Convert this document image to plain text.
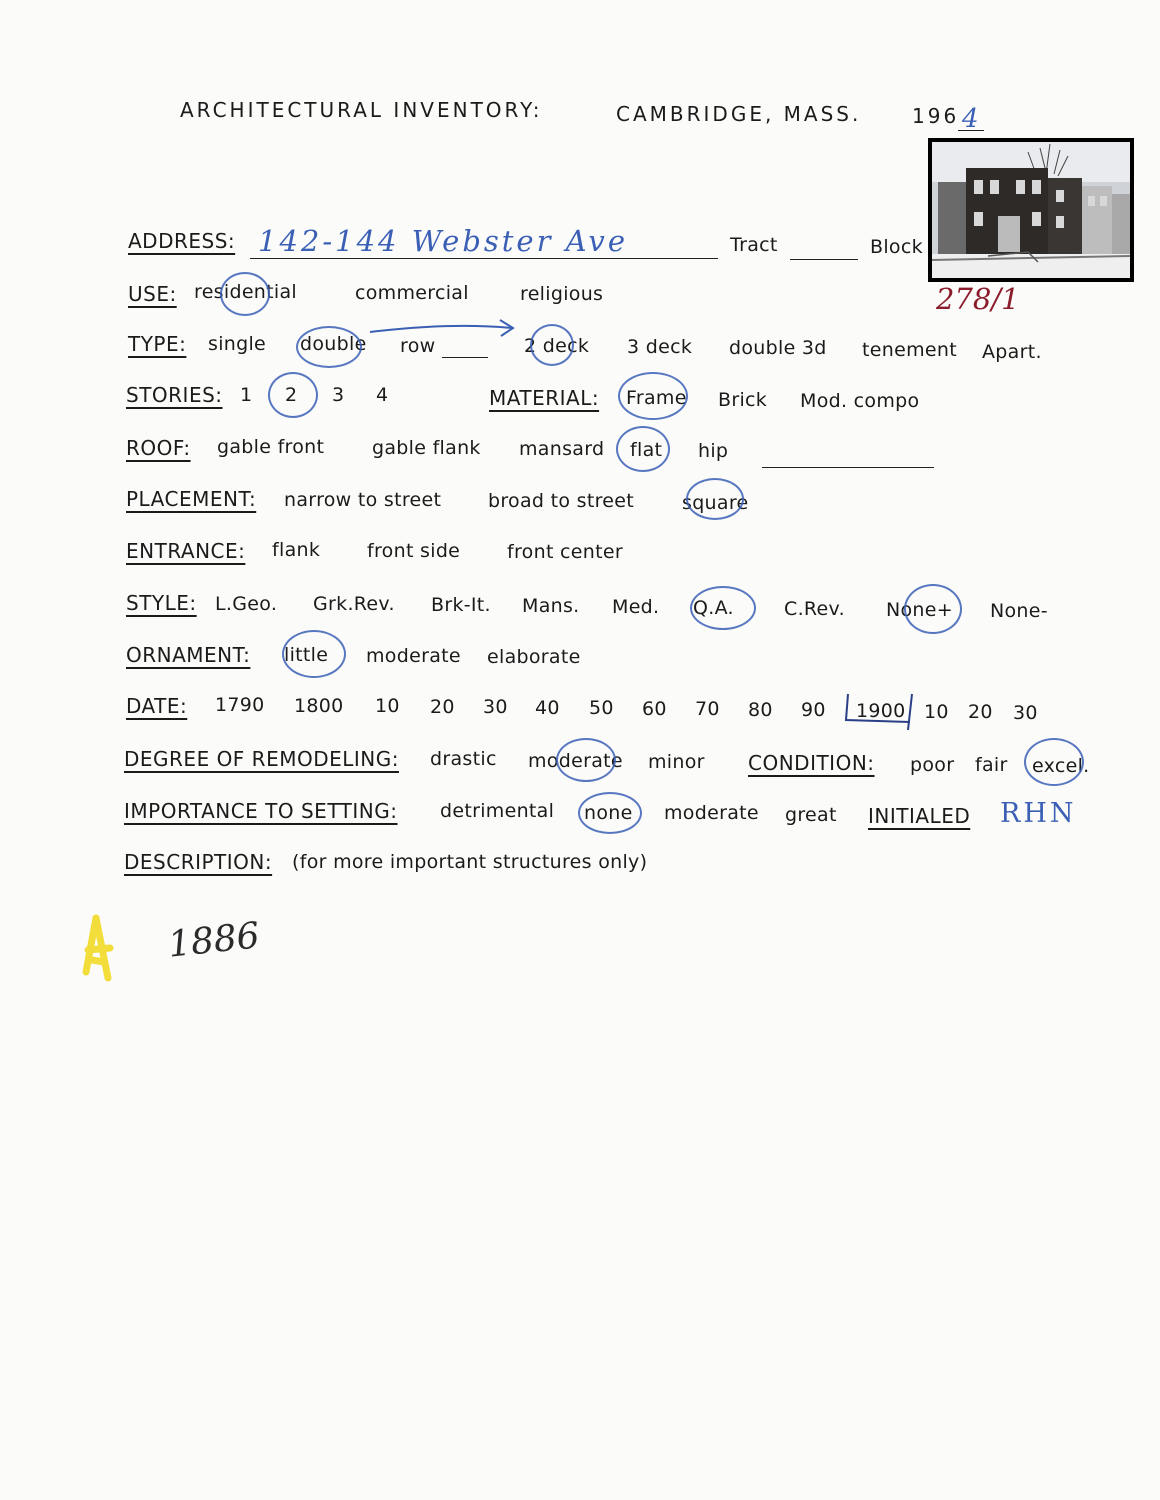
ARCHITECTURAL INVENTORY:	CAMBRIDGE, MASS.	196 4
278/1
ADDRESS: 142-144 Webster Ave	Tract	Block
USE: residential	commercial	religious
TYPE: single double row	2 deck 3 deck double 3d tenement Apart.
STORIES: 1 2 3 4	MATERIAL: Frame Brick Mod. compo
ROOF: gable front	gable flank mansard flat hip
PLACEMENT: narrow to street broad to street	square
ENTRANCE: flank front side front center
STYLE: L.Geo. Grk.Rev. Brk-It. Mans. Med. Q.A.	C.Rev. None+ None-
ORNAMENT: little moderate elaborate
DATE: 1790 1800 10 20 30 40 50 60 70 80 90 1900 10 20 30
DEGREE OF REMODELING: drastic moderate minor CONDITION: poor fair excel.
IMPORTANCE TO SETTING: detrimental none moderate great INITIALED RHN
DESCRIPTION: (for more important structures only)
1886
